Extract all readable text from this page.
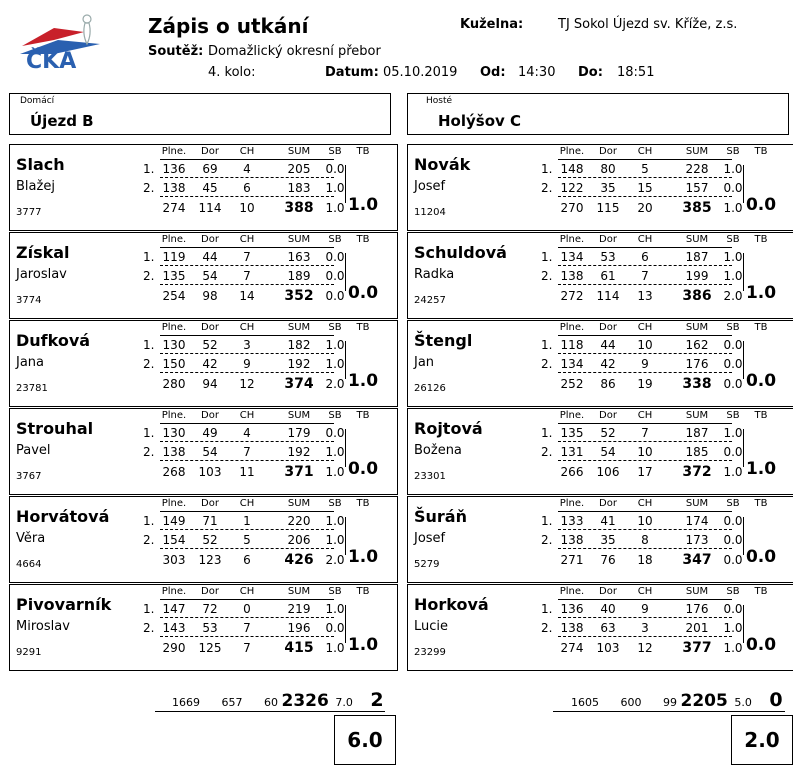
ČKA
Zápis o utkání
Soutěž: Domažlický okresní přebor
4. kolo:
Kuželna:	TJ Sokol Újezd sv. Kříže, z.s.
Datum: 05.10.2019 Od: 14:30 Do: 18:51
Domácí
Újezd B
Hosté
Holýšov C
Slach
Blažej
3777
Plne.	Dor	CH	SUM	SB	TB
1.
2.
136	69	4	205	0.0
138	45	6	183	1.0
274	114	10	388 1.0 1.0
Získal
Jaroslav
3774
Plne.	Dor	CH	SUM	SB	TB
1.
2.
119	44	7	163	0.0
135	54	7	189	0.0
254	98	14	352 0.0 0.0
Dufková
Jana
23781
Plne.	Dor	CH	SUM	SB	TB
1.
2.
130	52	3	182	1.0
150	42	9	192	1.0
280	94	12	374 2.0 1.0
Strouhal
Pavel
3767
Plne.	Dor	CH	SUM	SB	TB
1.
2.
130	49	4	179	0.0
138	54	7	192	1.0
268	103	11	371 1.0 0.0
Horvátová
Věra
4664
Plne.	Dor	CH	SUM	SB	TB
1.
2.
149	71	1	220	1.0
154	52	5	206	1.0
303	123	6	426 2.0 1.0
Pivovarník
Miroslav
9291
Plne.	Dor	CH	SUM	SB	TB
1.
2.
147	72	0	219	1.0
143	53	7	196	0.0
290	125	7	415 1.0 1.0
Novák
Josef
11204
Plne.	Dor	CH	SUM	SB	TB
1.
2.
148	80	5	228	1.0
122	35	15	157	0.0
270	115	20	385 1.0 0.0
Schuldová
Radka
24257
Plne.	Dor	CH	SUM	SB	TB
1.
2.
134	53	6	187	1.0
138	61	7	199	1.0
272	114	13	386 2.0 1.0
Štengl
Jan
26126
Plne.	Dor	CH	SUM	SB	TB
1.
2.
118	44	10	162	0.0
134	42	9	176	0.0
252	86	19	338 0.0 0.0
Rojtová
Božena
23301
Plne.	Dor	CH	SUM	SB	TB
1.
2.
135	52	7	187	1.0
131	54	10	185	0.0
266	106	17	372 1.0 1.0
Šuráň
Josef
5279
Plne.	Dor	CH	SUM	SB	TB
1.
2.
133	41	10	174	0.0
138	35	8	173	0.0
271	76	18	347 0.0 0.0
Horková
Lucie
23299
Plne.	Dor	CH	SUM	SB	TB
1.
2.
136	40	9	176	0.0
138	63	3	201	1.0
274	103	12	377 1.0 0.0
1669 657 60 2326 7.0 2
6.0
1605 600 99 2205 5.0 0
2.0
